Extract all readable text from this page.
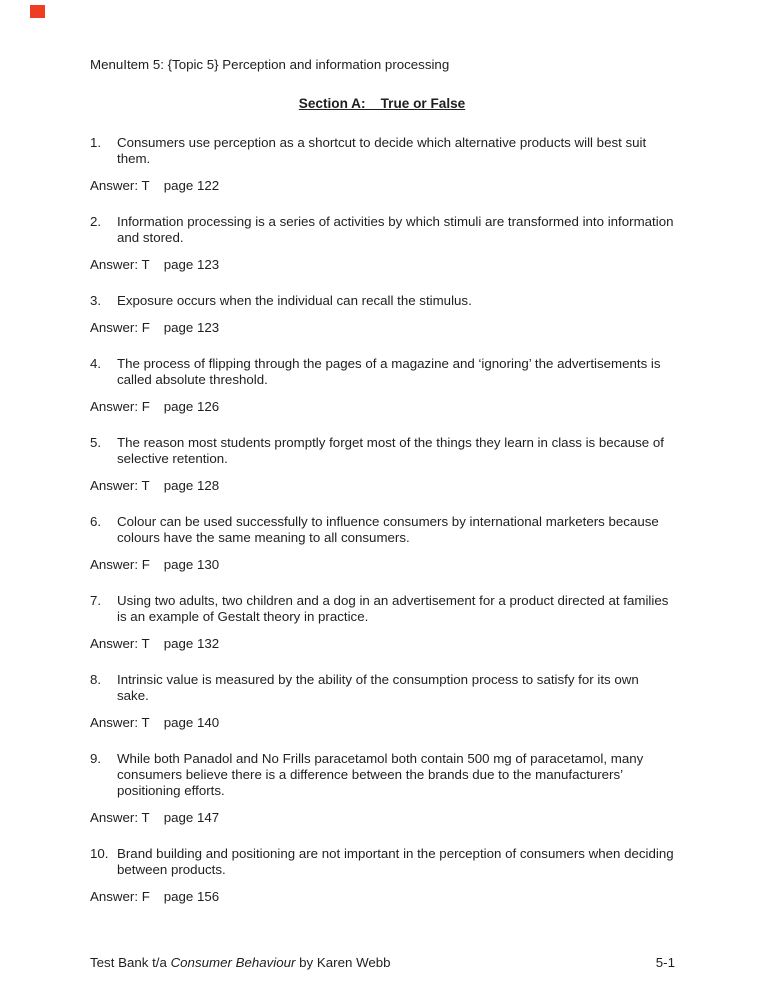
MenuItem 5: {Topic 5} Perception and information processing

Section A:    True or False
1.	Consumers use perception as a shortcut to decide which alternative products will best suit them.
Answer: T page 122
2.	Information processing is a series of activities by which stimuli are transformed into information and stored.
Answer: T page 123
3.	Exposure occurs when the individual can recall the stimulus.
Answer: F page 123
4.	The process of flipping through the pages of a magazine and ‘ignoring’ the advertisements is called absolute threshold.
Answer: F page 126
5.	The reason most students promptly forget most of the things they learn in class is because of selective retention.
Answer: T page 128
6.	Colour can be used successfully to influence consumers by international marketers because colours have the same meaning to all consumers.
Answer: F page 130
7.	Using two adults, two children and a dog in an advertisement for a product directed at families is an example of Gestalt theory in practice.
Answer: T page 132
8.	Intrinsic value is measured by the ability of the consumption process to satisfy for its own sake.
Answer: T page 140
9.	While both Panadol and No Frills paracetamol both contain 500 mg of paracetamol, many consumers believe there is a difference between the brands due to the manufacturers’ positioning efforts.
Answer: T page 147
10. Brand building and positioning are not important in the perception of consumers when deciding between products.
Answer: F page 156
Test Bank t/a Consumer Behaviour by Karen Webb	5-1
